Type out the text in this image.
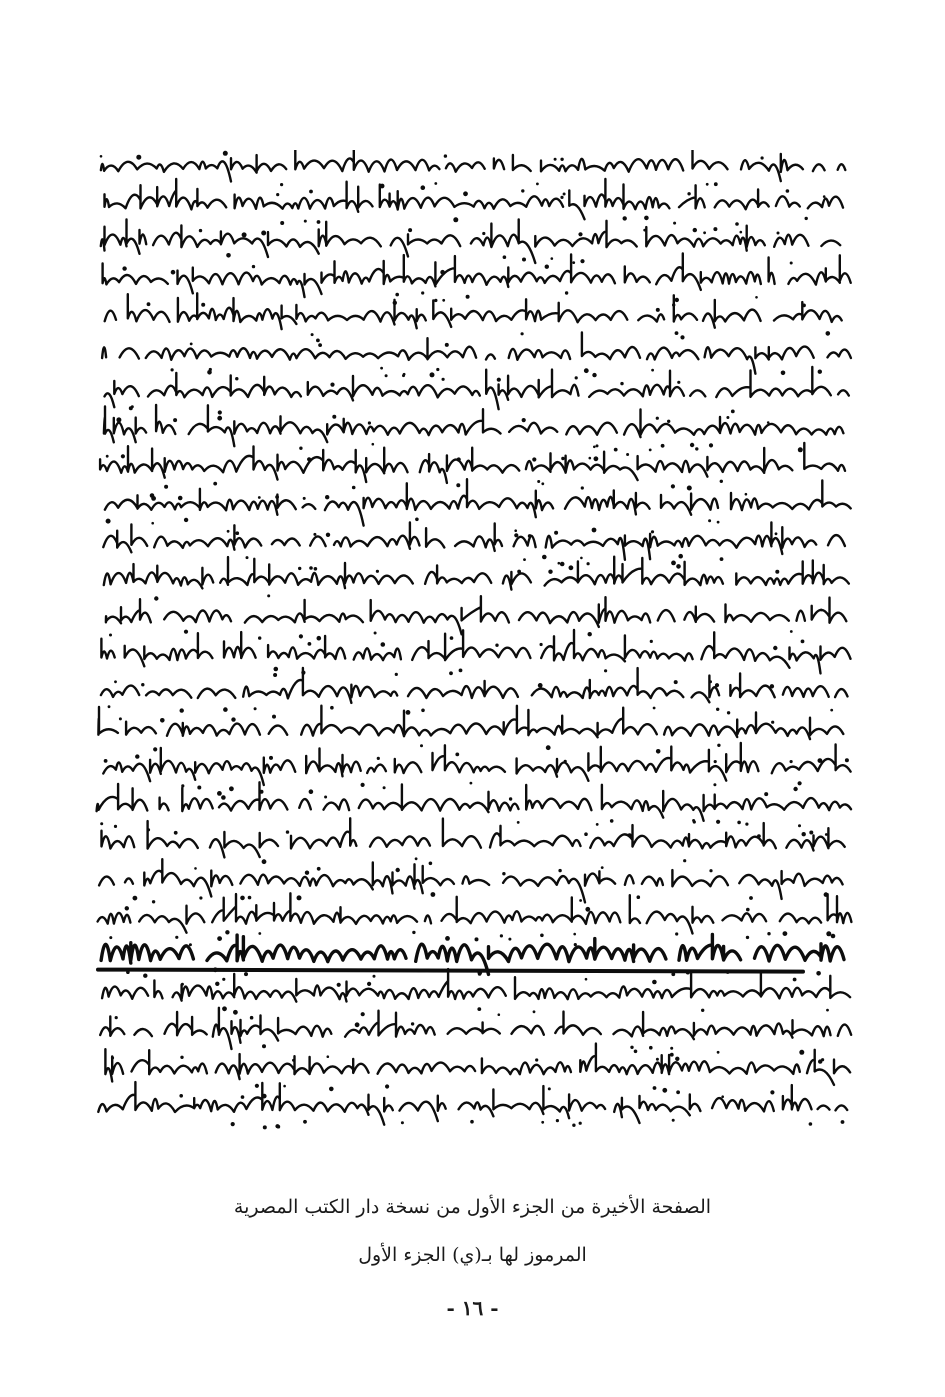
الصفحة الأخيرة من الجزء الأول من نسخة دار الكتب المصرية
المرموز لها بـ(ي) الجزء الأول
- ١٦ -
